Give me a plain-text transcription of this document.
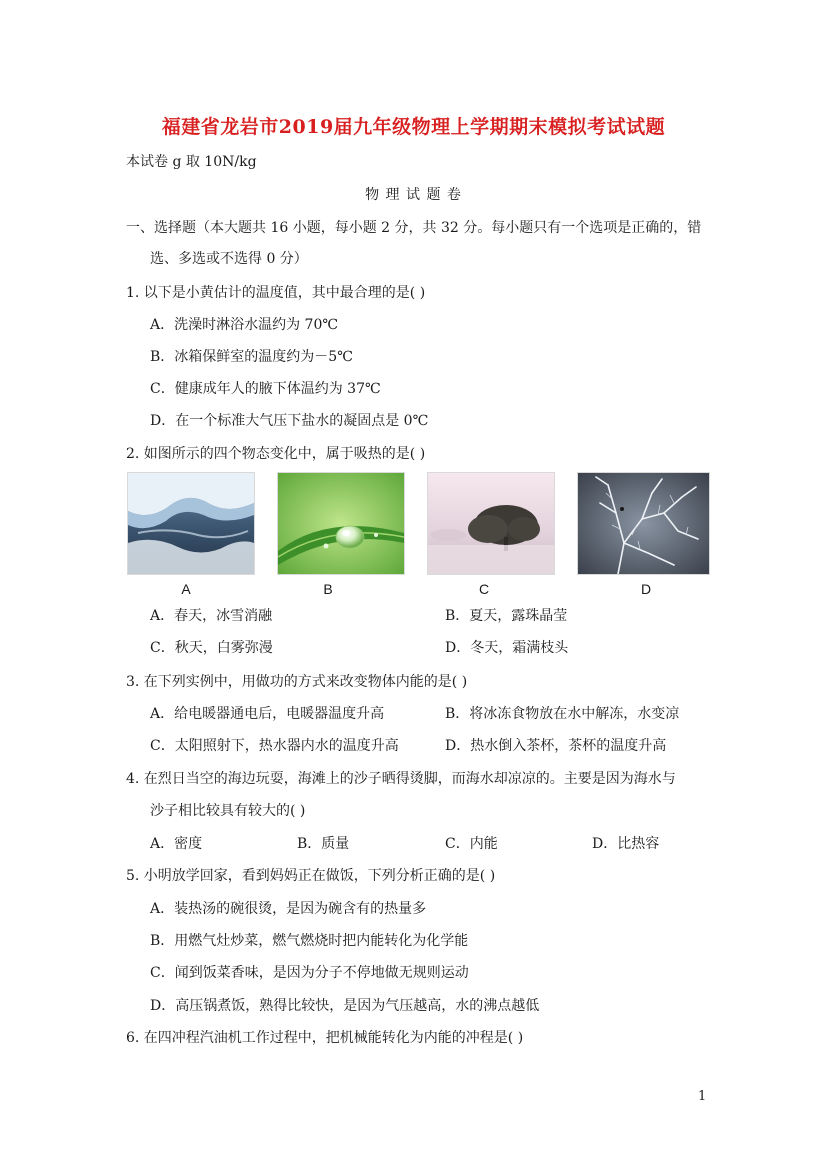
福建省龙岩市2019届九年级物理上学期期末模拟考试试题
本试卷 g 取 10N/kg
物 理 试 题 卷
一、选择题（本大题共 16 小题，每小题 2 分，共 32 分。每小题只有一个选项是正确的，错
选、多选或不选得 0 分）
1. 以下是小黄估计的温度值，其中最合理的是( )
A．洗澡时淋浴水温约为 70℃
B．冰箱保鲜室的温度约为－5℃
C．健康成年人的腋下体温约为 37℃
D．在一个标准大气压下盐水的凝固点是 0℃
2. 如图所示的四个物态变化中，属于吸热的是( )
A	B	C	D
A．春天，冰雪消融	B．夏天，露珠晶莹
C．秋天，白雾弥漫	D．冬天，霜满枝头
3. 在下列实例中，用做功的方式来改变物体内能的是( )
A．给电暖器通电后，电暖器温度升高	B．将冰冻食物放在水中解冻，水变凉
C．太阳照射下，热水器内水的温度升高	D．热水倒入茶杯，茶杯的温度升高
4. 在烈日当空的海边玩耍，海滩上的沙子晒得烫脚，而海水却凉凉的。主要是因为海水与
沙子相比较具有较大的( )
A．密度	B．质量	C．内能	D．比热容
5. 小明放学回家，看到妈妈正在做饭，下列分析正确的是( )
A．装热汤的碗很烫，是因为碗含有的热量多
B．用燃气灶炒菜，燃气燃烧时把内能转化为化学能
C．闻到饭菜香味，是因为分子不停地做无规则运动
D．高压锅煮饭，熟得比较快，是因为气压越高，水的沸点越低
6. 在四冲程汽油机工作过程中，把机械能转化为内能的冲程是( )
1
